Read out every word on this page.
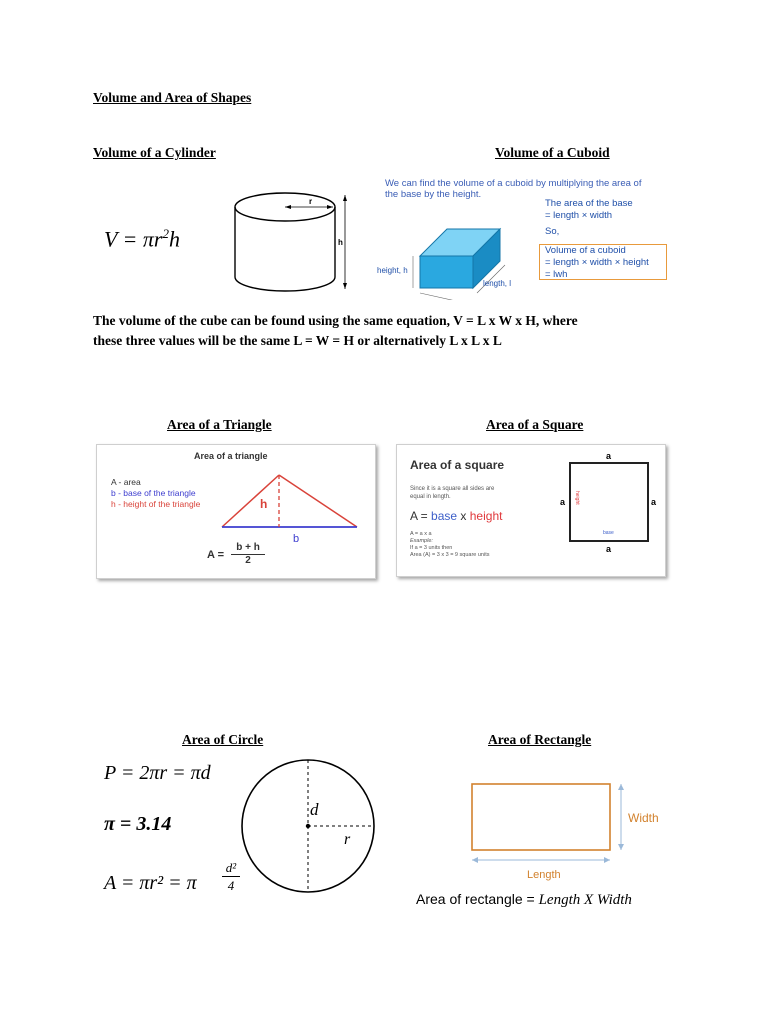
Volume and Area of Shapes
Volume of a Cylinder	Volume of a Cuboid
$V = \pi r^2h$
r
h
We can find the volume of a cuboid by multiplying the area of
the base by the height.
The area of the base
= length × width
So,
Volume of a cuboid
= length × width × height
= lwh
height, h
length, l
The volume of the cube can be found using the same equation, V = L x W x H, where
these three values will be the same L = W = H or alternatively L x L x L
Area of a Triangle	Area of a Square
Area of a triangle
A - area
b - base of the triangle
h - height of the triangle	h
b
A =
b + h
2
Area of a square
Since it is a square all sides are
equal in length.
A = base x height
A = a x a
Example:
If a = 3 units then
Area (A) = 3 x 3 = 9 square units
a
a	a
a
height
base
Area of Circle	Area of Rectangle
P = 2πr = πd
π = 3.14
A = πr² = π
d²
4
d
r
Width
Length
Area of rectangle = Length X Width
